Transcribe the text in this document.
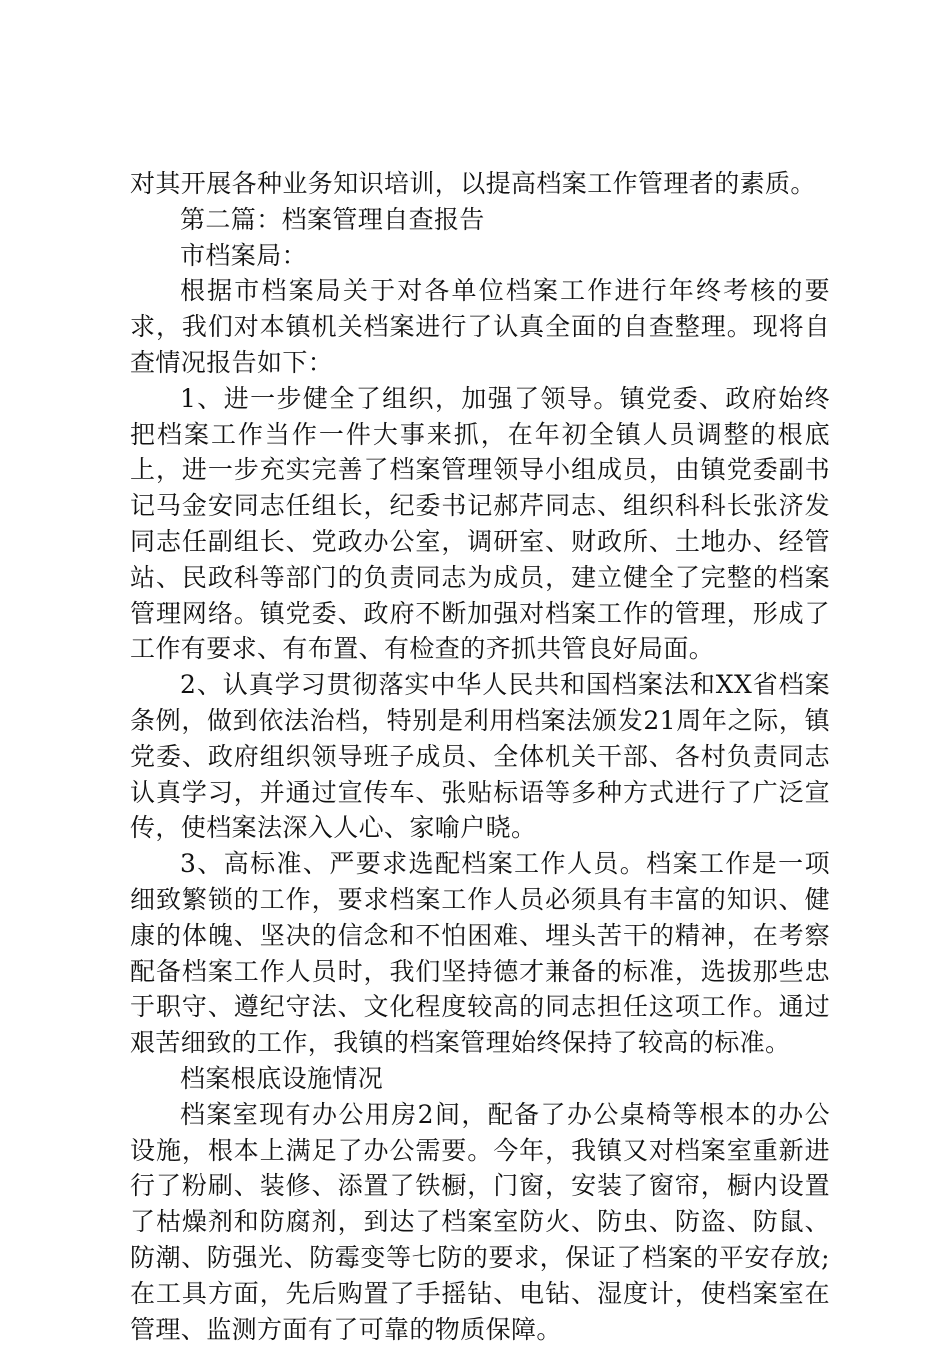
对其开展各种业务知识培训，以提高档案工作管理者的素质。

第二篇：档案管理自查报告

市档案局：

根据市档案局关于对各单位档案工作进行年终考核的要求，我们对本镇机关档案进行了认真全面的自查整理。现将自查情况报告如下：

1、进一步健全了组织，加强了领导。镇党委、政府始终把档案工作当作一件大事来抓，在年初全镇人员调整的根底上，进一步充实完善了档案管理领导小组成员，由镇党委副书记马金安同志任组长，纪委书记郝芹同志、组织科科长张济发同志任副组长、党政办公室，调研室、财政所、土地办、经管站、民政科等部门的负责同志为成员，建立健全了完整的档案管理网络。镇党委、政府不断加强对档案工作的管理，形成了工作有要求、有布置、有检查的齐抓共管良好局面。

2、认真学习贯彻落实中华人民共和国档案法和XX省档案条例，做到依法治档，特别是利用档案法颁发21周年之际，镇党委、政府组织领导班子成员、全体机关干部、各村负责同志认真学习，并通过宣传车、张贴标语等多种方式进行了广泛宣传，使档案法深入人心、家喻户晓。

3、高标准、严要求选配档案工作人员。档案工作是一项细致繁锁的工作，要求档案工作人员必须具有丰富的知识、健康的体魄、坚决的信念和不怕困难、埋头苦干的精神，在考察配备档案工作人员时，我们坚持德才兼备的标准，选拔那些忠于职守、遵纪守法、文化程度较高的同志担任这项工作。通过艰苦细致的工作，我镇的档案管理始终保持了较高的标准。

档案根底设施情况

档案室现有办公用房2间，配备了办公桌椅等根本的办公设施，根本上满足了办公需要。今年，我镇又对档案室重新进行了粉刷、装修、添置了铁橱，门窗，安装了窗帘，橱内设置了枯燥剂和防腐剂，到达了档案室防火、防虫、防盗、防鼠、防潮、防强光、防霉变等七防的要求，保证了档案的平安存放;在工具方面，先后购置了手摇钻、电钻、湿度计，使档案室在管理、监测方面有了可靠的物质保障。
